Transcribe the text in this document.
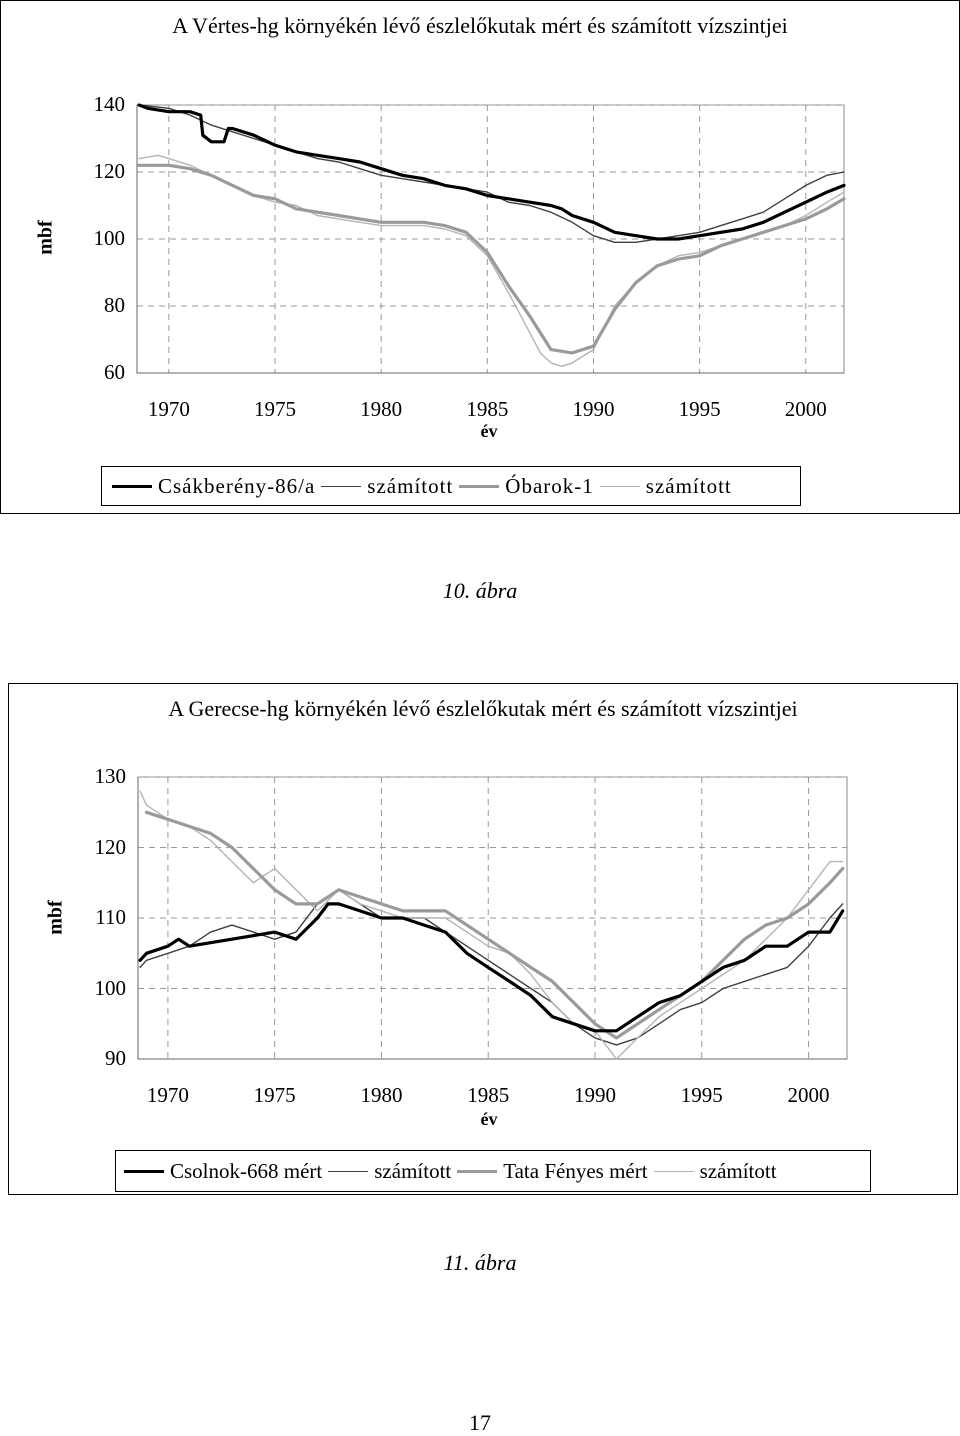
A Vértes-hg környékén lévő észlelőkutak mért és számított vízszintjei
mbf
év
60
80
100
120
140
1970	1975	1980	1985	1990	1995	2000
Csákberény-86/a számított Óbarok-1 számított
10. ábra
A Gerecse-hg környékén lévő észlelőkutak mért és számított vízszintjei
mbf
év
90
100
110
120
130
1970	1975	1980	1985	1990	1995	2000
Csolnok-668 mért számított Tata Fényes mért számított
11. ábra
17
